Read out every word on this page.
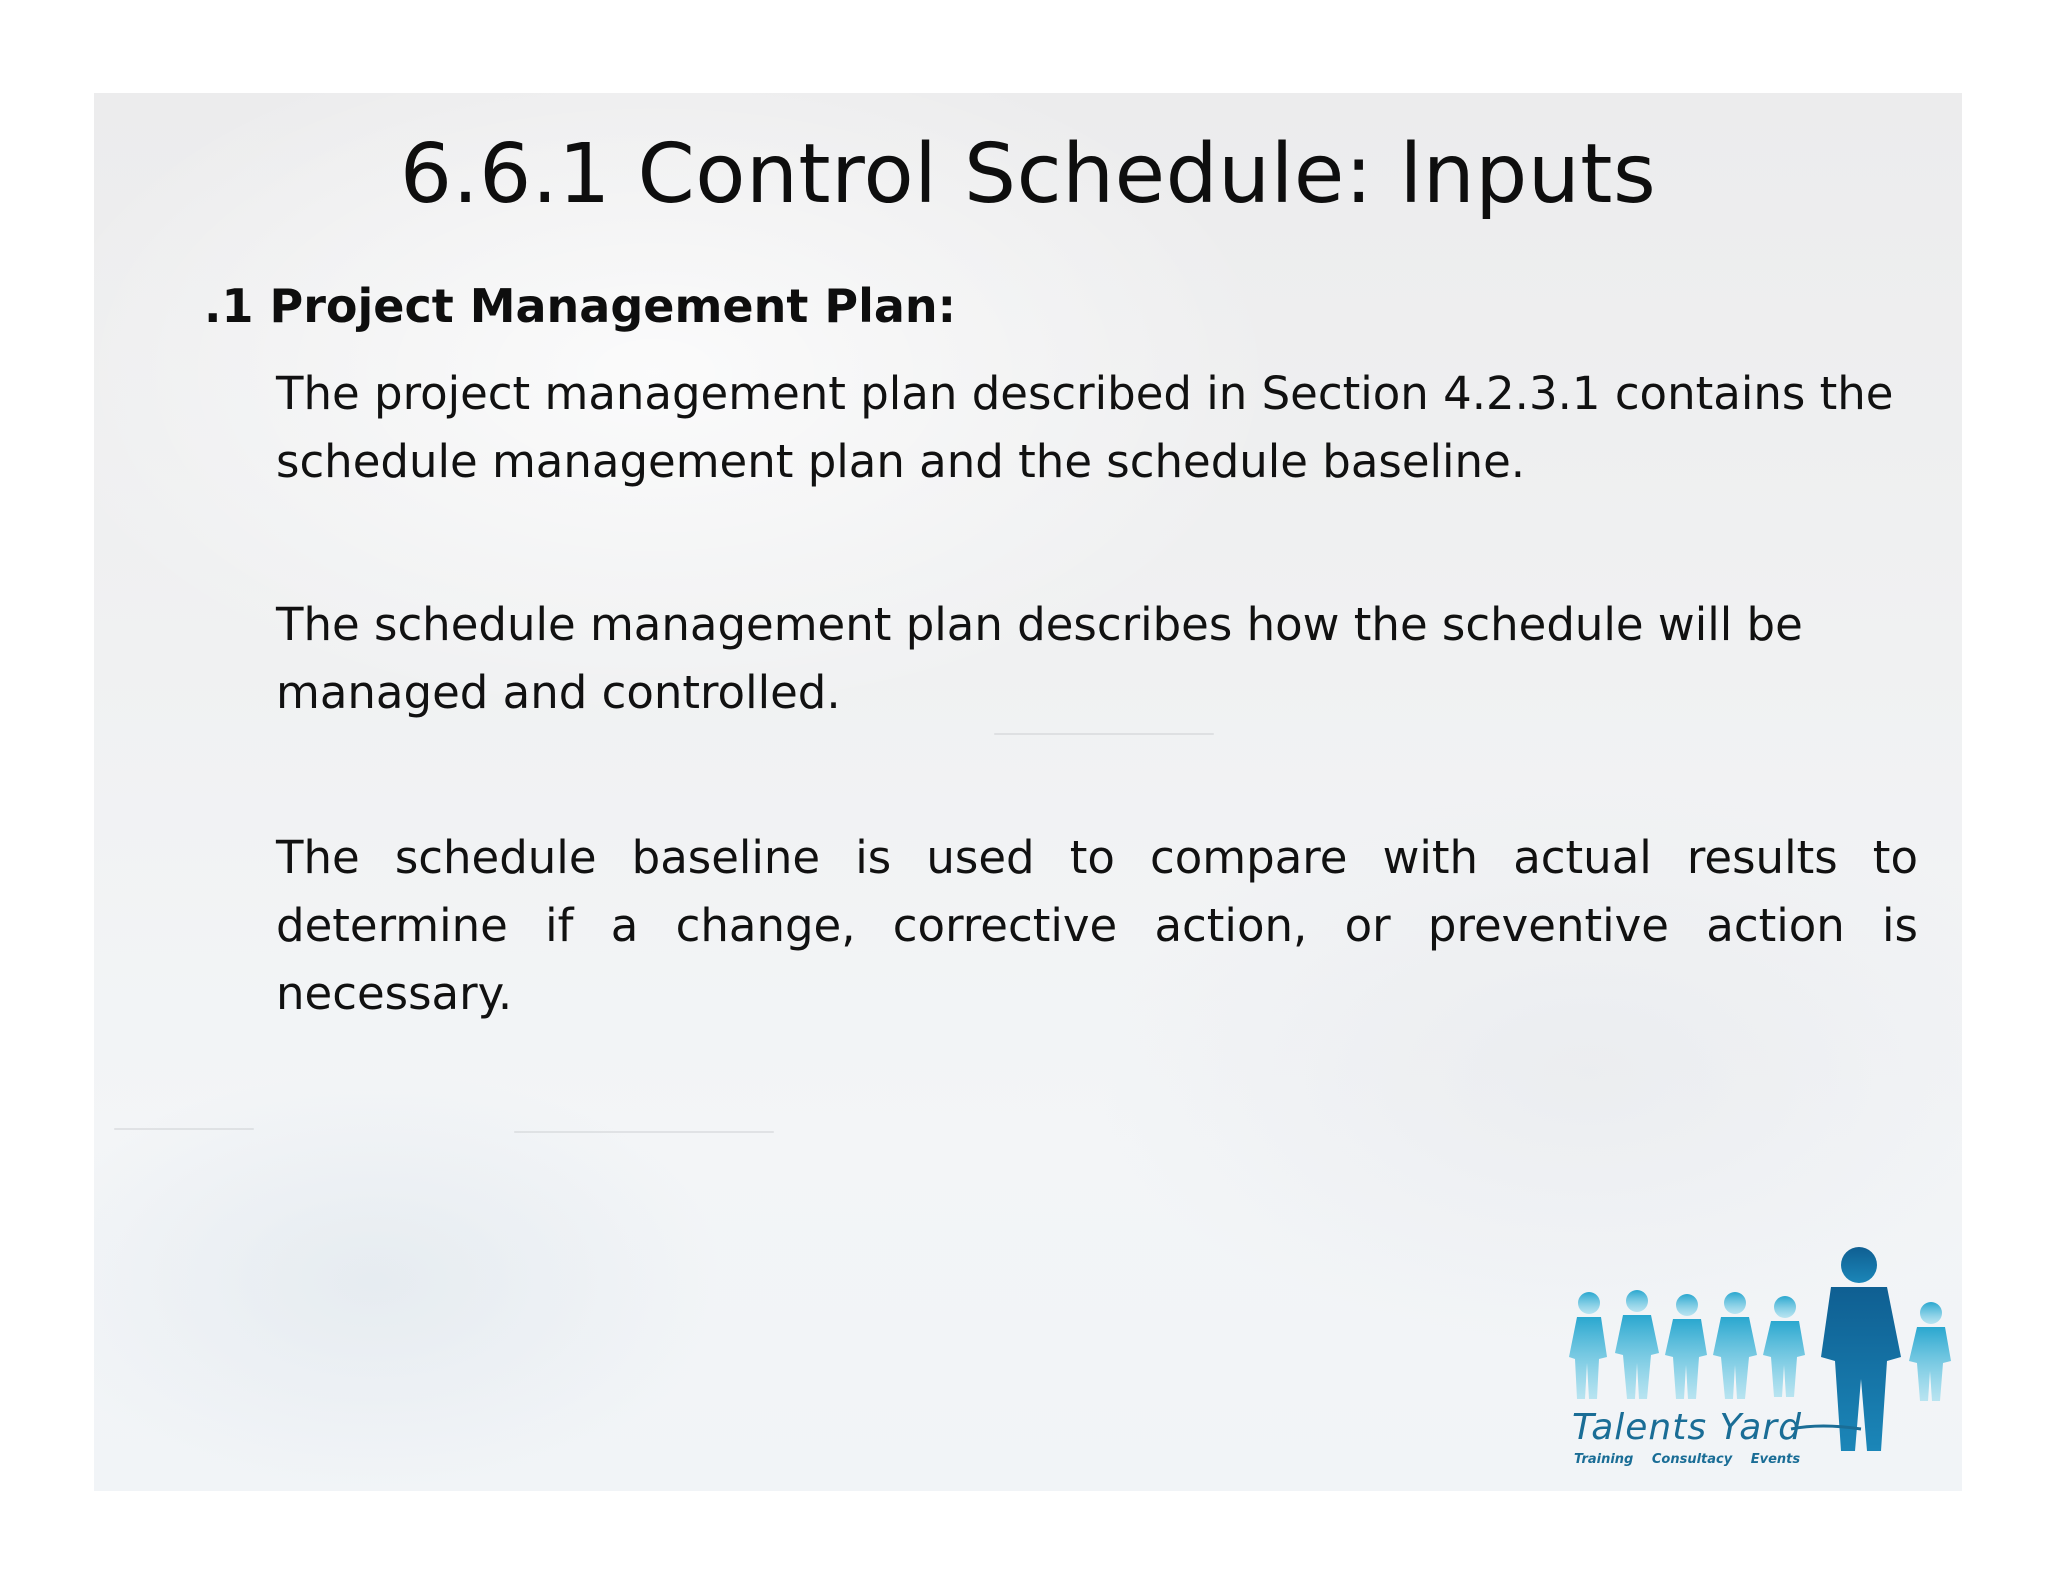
6.6.1 Control Schedule: lnputs
.1 Project Management Plan:

The project management plan described in Section 4.2.3.1 contains the schedule management plan and the schedule baseline.

The schedule management plan describes how the schedule will be managed and controlled.

The schedule baseline is used to compare with actual results to determine if a change, corrective action, or preventive action is necessary.

Talents Yard
Training Consultacy Events
